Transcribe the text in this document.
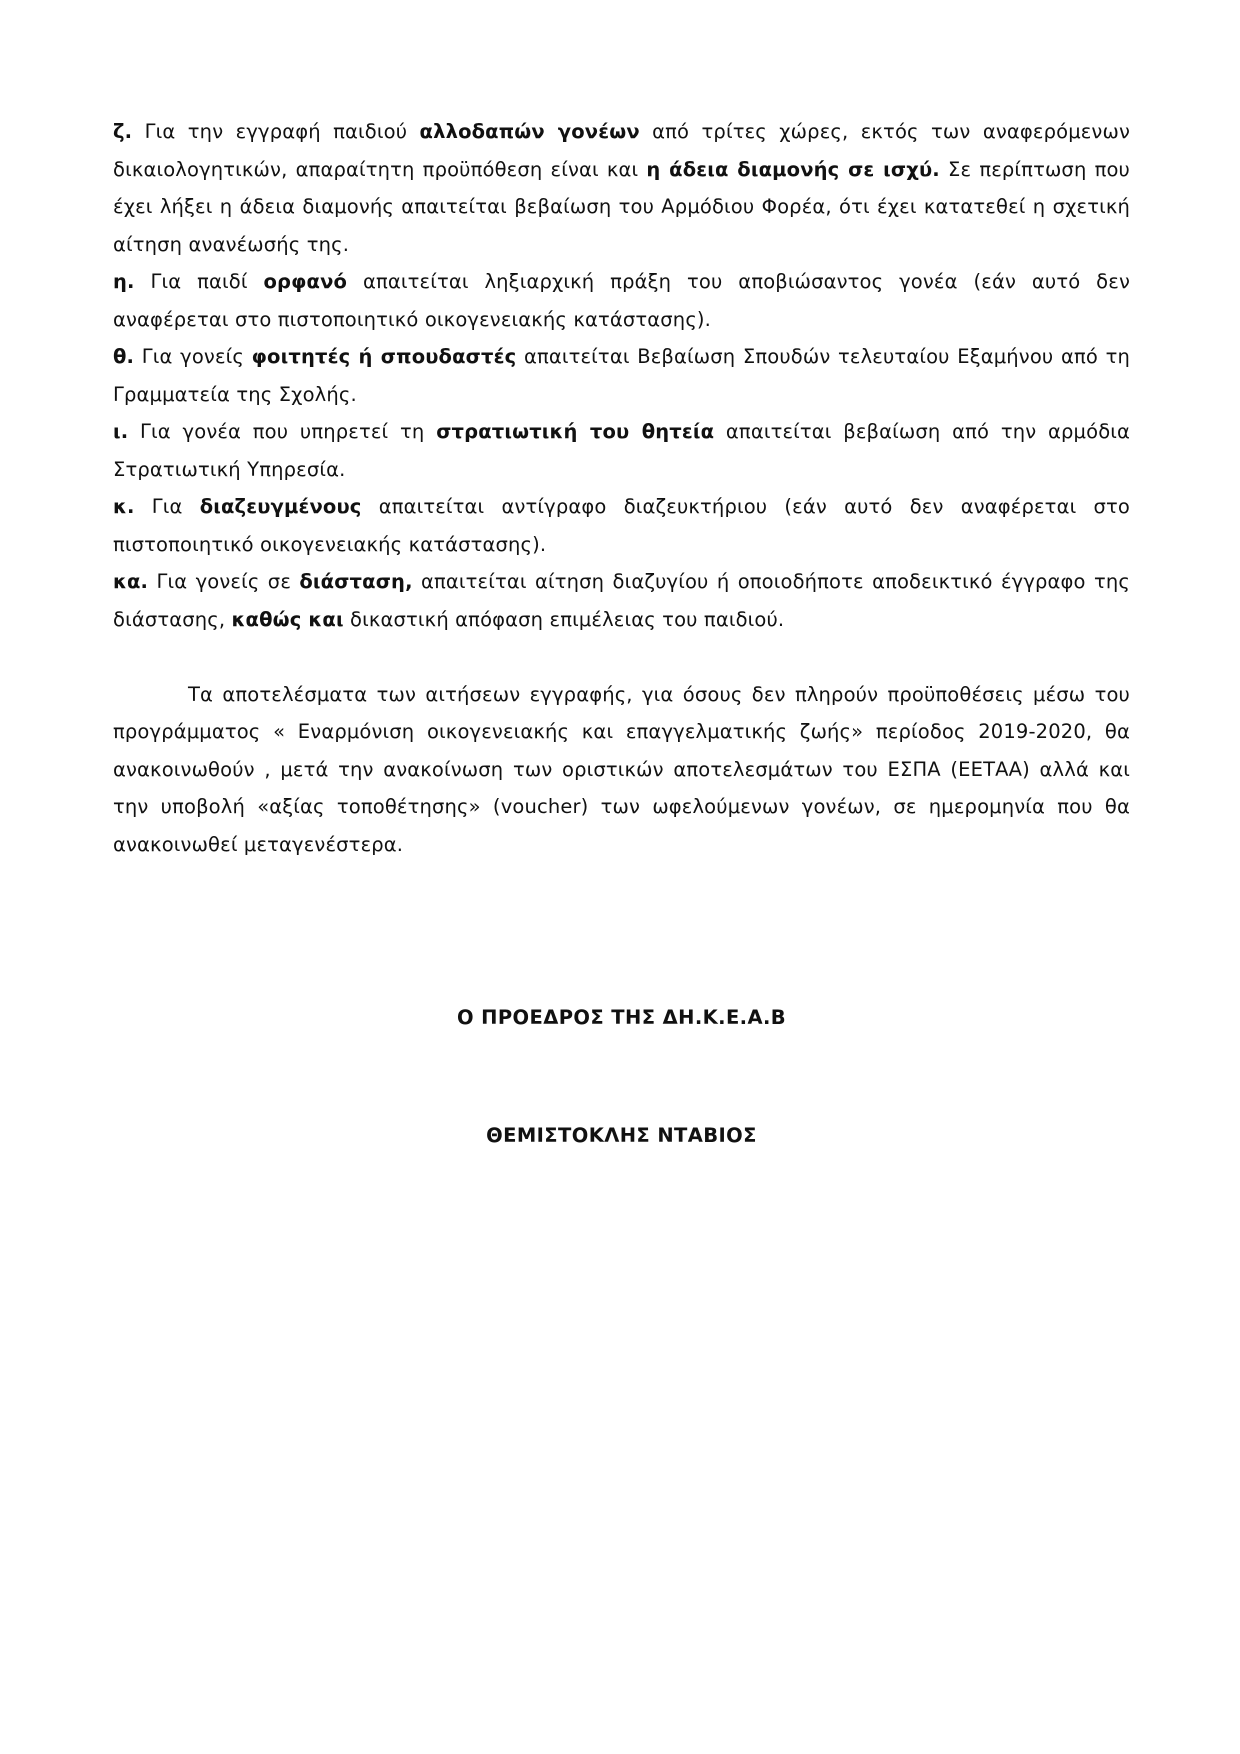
ζ. Για την εγγραφή παιδιού αλλοδαπών γονέων από τρίτες χώρες, εκτός των αναφερόμενων δικαιολογητικών, απαραίτητη προϋπόθεση είναι και η άδεια διαμονής σε ισχύ. Σε περίπτωση που έχει λήξει η άδεια διαμονής απαιτείται βεβαίωση του Αρμόδιου Φορέα, ότι έχει κατατεθεί η σχετική αίτηση ανανέωσής της.

η. Για παιδί ορφανό απαιτείται ληξιαρχική πράξη του αποβιώσαντος γονέα (εάν αυτό δεν αναφέρεται στο πιστοποιητικό οικογενειακής κατάστασης).

θ. Για γονείς φοιτητές ή σπουδαστές απαιτείται Βεβαίωση Σπουδών τελευταίου Εξαμήνου από τη Γραμματεία της Σχολής.

ι. Για γονέα που υπηρετεί τη στρατιωτική του θητεία απαιτείται βεβαίωση από την αρμόδια Στρατιωτική Υπηρεσία.

κ. Για διαζευγμένους απαιτείται αντίγραφο διαζευκτήριου (εάν αυτό δεν αναφέρεται στο πιστοποιητικό οικογενειακής κατάστασης).

κα. Για γονείς σε διάσταση, απαιτείται αίτηση διαζυγίου ή οποιοδήποτε αποδεικτικό έγγραφο της διάστασης, καθώς και δικαστική απόφαση επιμέλειας του παιδιού.

Τα αποτελέσματα των αιτήσεων εγγραφής, για όσους δεν πληρούν προϋποθέσεις μέσω του προγράμματος « Εναρμόνιση οικογενειακής και επαγγελματικής ζωής» περίοδος 2019-2020, θα ανακοινωθούν , μετά την ανακοίνωση των οριστικών αποτελεσμάτων του ΕΣΠΑ (ΕΕΤΑΑ) αλλά και την υποβολή «αξίας τοποθέτησης» (voucher) των ωφελούμενων γονέων, σε ημερομηνία που θα ανακοινωθεί μεταγενέστερα.

Ο ΠΡΟΕΔΡΟΣ ΤΗΣ ΔΗ.Κ.Ε.Α.Β
ΘΕΜΙΣΤΟΚΛΗΣ ΝΤΑΒΙΟΣ
